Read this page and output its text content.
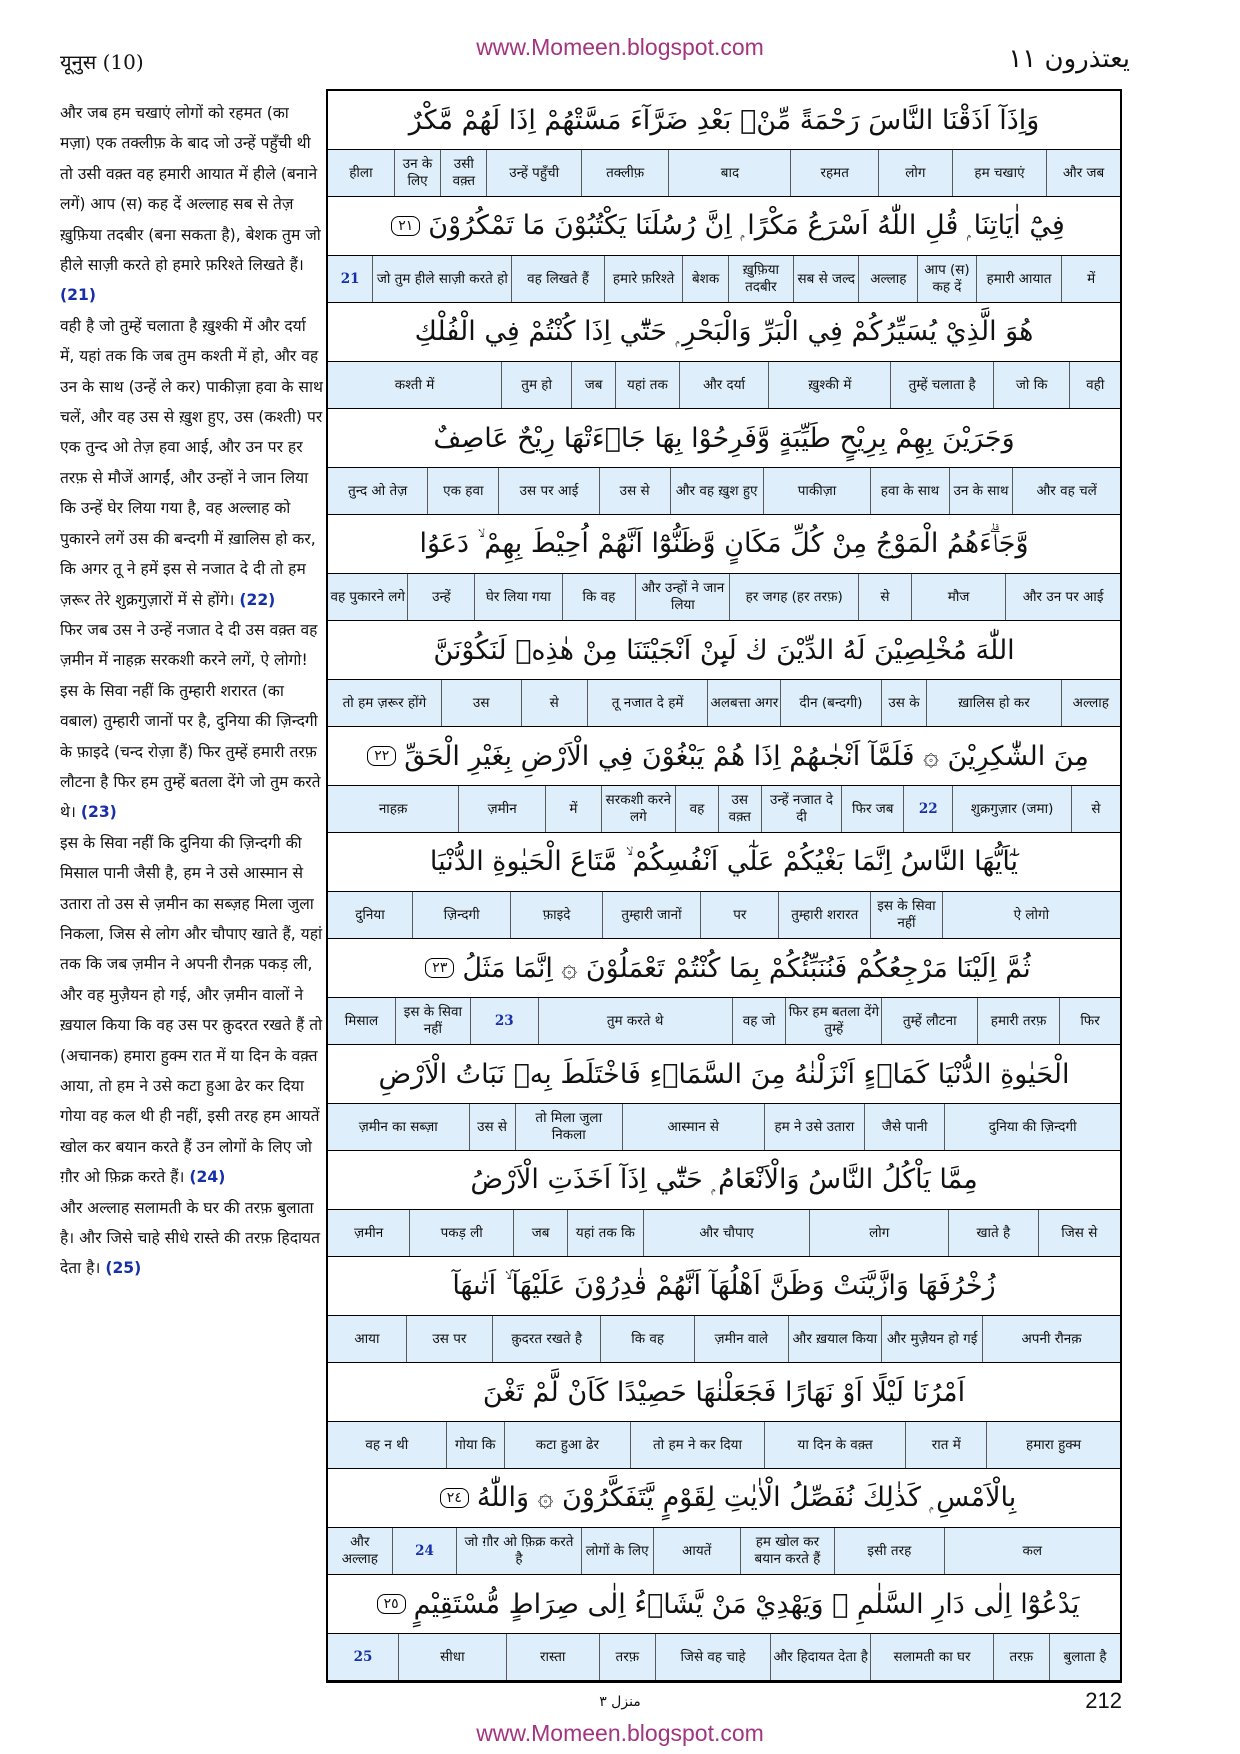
यूनुस (10)
www.Momeen.blogspot.com	يعتذرون ١١
और जब हम चखाएं लोगों को रहमत (का मज़ा) एक तक्लीफ़ के बाद जो उन्हें पहुँची थी तो उसी वक़्त वह हमारी आयात में हीले (बनाने लगें) आप (स) कह दें अल्लाह सब से तेज़ ख़ुफ़िया तदबीर (बना सकता है), बेशक तुम जो हीले साज़ी करते हो हमारे फ़रिश्ते लिखते हैं। (21)
वही है जो तुम्हें चलाता है ख़ुश्की में और दर्या में, यहां तक कि जब तुम कश्ती में हो, और वह उन के साथ (उन्हें ले कर) पाकीज़ा हवा के साथ चलें, और वह उस से ख़ुश हुए, उस (कश्ती) पर एक तुन्द ओ तेज़ हवा आई, और उन पर हर तरफ़ से मौजें आगईं, और उन्हों ने जान लिया कि उन्हें घेर लिया गया है, वह अल्लाह को पुकारने लगें उस की बन्दगी में ख़ालिस हो कर, कि अगर तू ने हमें इस से नजात दे दी तो हम ज़रूर तेरे शुक्रगुज़ारों में से होंगे। (22)
फिर जब उस ने उन्हें नजात दे दी उस वक़्त वह ज़मीन में नाहक़ सरकशी करने लगें, ऐ लोगो! इस के सिवा नहीं कि तुम्हारी शरारत (का वबाल) तुम्हारी जानों पर है, दुनिया की ज़िन्दगी के फ़ाइदे (चन्द रोज़ा हैं) फिर तुम्हें हमारी तरफ़ लौटना है फिर हम तुम्हें बतला देंगे जो तुम करते थे। (23)
इस के सिवा नहीं कि दुनिया की ज़िन्दगी की मिसाल पानी जैसी है, हम ने उसे आस्मान से उतारा तो उस से ज़मीन का सब्ज़ह मिला जुला निकला, जिस से लोग और चौपाए खाते हैं, यहां तक कि जब ज़मीन ने अपनी रौनक़ पकड़ ली, और वह मुज़ैयन हो गई, और ज़मीन वालों ने ख़याल किया कि वह उस पर क़ुदरत रखते हैं तो (अचानक) हमारा हुक्म रात में या दिन के वक़्त आया, तो हम ने उसे कटा हुआ ढेर कर दिया गोया वह कल थी ही नहीं, इसी तरह हम आयतें खोल कर बयान करते हैं उन लोगों के लिए जो ग़ौर ओ फ़िक्र करते हैं। (24)
और अल्लाह सलामती के घर की तरफ़ बुलाता है। और जिसे चाहे सीधे रास्ते की तरफ़ हिदायत देता है। (25)
وَاِذَآ اَذَقْنَا النَّاسَ رَحْمَةً مِّنْۢ بَعْدِ ضَرَّآءَ مَسَّتْهُمْ اِذَا لَهُمْ مَّكْرٌ
और जब
हम चखाएं
लोग
रहमत
बाद
तक्लीफ़
उन्हें पहुँची
उसी वक़्त
उन के लिए
हीला
فِيْٓ اٰيَاتِنَا ۭ قُلِ اللّٰهُ اَسْرَعُ مَكْرًا ۭ اِنَّ رُسُلَنَا يَكْتُبُوْنَ مَا تَمْكُرُوْنَ
٢١
में
हमारी आयात
आप (स) कह दें
अल्लाह
सब से जल्द
ख़ुफ़िया तदबीर
बेशक
हमारे फ़रिश्ते
वह लिखते हैं
जो तुम हीले साज़ी करते हो
21
هُوَ الَّذِيْ يُسَيِّرُكُمْ فِي الْبَرِّ وَالْبَحْرِ ۭ حَتّٰٓي اِذَا كُنْتُمْ فِي الْفُلْكِ
वही
जो कि
तुम्हें चलाता है
ख़ुश्की में
और दर्या
यहां तक
जब
तुम हो
कश्ती में
وَجَرَيْنَ بِهِمْ بِرِيْحٍ طَيِّبَةٍ وَّفَرِحُوْا بِهَا جَاۗءَتْهَا رِيْحٌ عَاصِفٌ
और वह चलें
उन के साथ
हवा के साथ
पाकीज़ा
और वह ख़ुश हुए
उस से
उस पर आई
एक हवा
तुन्द ओ तेज़
وَّجَاۗءَهُمُ الْمَوْجُ مِنْ كُلِّ مَكَانٍ وَّظَنُّوْٓا اَنَّهُمْ اُحِيْطَ بِهِمْ ۙ دَعَوُا
और उन पर आई
मौज
से
हर जगह (हर तरफ़)
और उन्हों ने जान लिया
कि वह
घेर लिया गया
उन्हें
वह पुकारने लगे
اللّٰهَ مُخْلِصِيْنَ لَهُ الدِّيْنَ ڬ لَىِٕنْ اَنْجَيْتَنَا مِنْ هٰذِهٖ لَنَكُوْنَنَّ
अल्लाह
ख़ालिस हो कर
उस के
दीन (बन्दगी)
अलबत्ता अगर
तू नजात दे हमें
से
उस
तो हम ज़रूर होंगे
مِنَ الشّٰكِرِيْنَ ۞ فَلَمَّآ اَنْجٰىهُمْ اِذَا هُمْ يَبْغُوْنَ فِي الْاَرْضِ بِغَيْرِ الْحَقِّ
٢٢
से
शुक्रगुज़ार (जमा)
22
फिर जब
उन्हें नजात दे दी
उस वक़्त
वह
सरकशी करने लगे
में
ज़मीन
नाहक़
يٰٓاَيُّهَا النَّاسُ اِنَّمَا بَغْيُكُمْ عَلٰٓي اَنْفُسِكُمْ ۙ مَّتَاعَ الْحَيٰوةِ الدُّنْيَا
ऐ लोगो
इस के सिवा नहीं
तुम्हारी शरारत
पर
तुम्हारी जानों
फ़ाइदे
ज़िन्दगी
दुनिया
ثُمَّ اِلَيْنَا مَرْجِعُكُمْ فَنُنَبِّئُكُمْ بِمَا كُنْتُمْ تَعْمَلُوْنَ ۞ اِنَّمَا مَثَلُ
٢٣
फिर
हमारी तरफ़
तुम्हें लौटना
फिर हम बतला देंगे तुम्हें
वह जो
तुम करते थे
23
इस के सिवा नहीं
मिसाल
الْحَيٰوةِ الدُّنْيَا كَمَاۗءٍ اَنْزَلْنٰهُ مِنَ السَّمَاۗءِ فَاخْتَلَطَ بِهٖ نَبَاتُ الْاَرْضِ
दुनिया की ज़िन्दगी
जैसे पानी
हम ने उसे उतारा
आस्मान से
तो मिला जुला निकला
उस से
ज़मीन का सब्ज़ा
مِمَّا يَاْكُلُ النَّاسُ وَالْاَنْعَامُ ۭ حَتّٰٓي اِذَآ اَخَذَتِ الْاَرْضُ
जिस से
खाते है
लोग
और चौपाए
यहां तक कि
जब
पकड़ ली
ज़मीन
زُخْرُفَهَا وَازَّيَّنَتْ وَظَنَّ اَهْلُهَآ اَنَّهُمْ قٰدِرُوْنَ عَلَيْهَآ ۙ اَتٰىهَآ
अपनी रौनक़
और मुज़ैयन हो गई
और ख़याल किया
ज़मीन वाले
कि वह
क़ुदरत रखते है
उस पर
आया
اَمْرُنَا لَيْلًا اَوْ نَهَارًا فَجَعَلْنٰهَا حَصِيْدًا كَاَنْ لَّمْ تَغْنَ
हमारा हुक्म
रात में
या दिन के वक़्त
तो हम ने कर दिया
कटा हुआ ढेर
गोया कि
वह न थी
بِالْاَمْسِ ۭ كَذٰلِكَ نُفَصِّلُ الْاٰيٰتِ لِقَوْمٍ يَّتَفَكَّرُوْنَ ۞ وَاللّٰهُ
٢٤
कल
इसी तरह
हम खोल कर बयान करते हैं
आयतें
लोगों के लिए
जो ग़ौर ओ फ़िक्र करते है
24
और अल्लाह
يَدْعُوْٓا اِلٰى دَارِ السَّلٰمِ ۭ وَيَهْدِيْ مَنْ يَّشَاۗءُ اِلٰى صِرَاطٍ مُّسْتَقِيْمٍ
٢٥
बुलाता है
तरफ़
सलामती का घर
और हिदायत देता है
जिसे वह चाहे
तरफ़
रास्ता
सीधा
25
منزل ٣	212
www.Momeen.blogspot.com
